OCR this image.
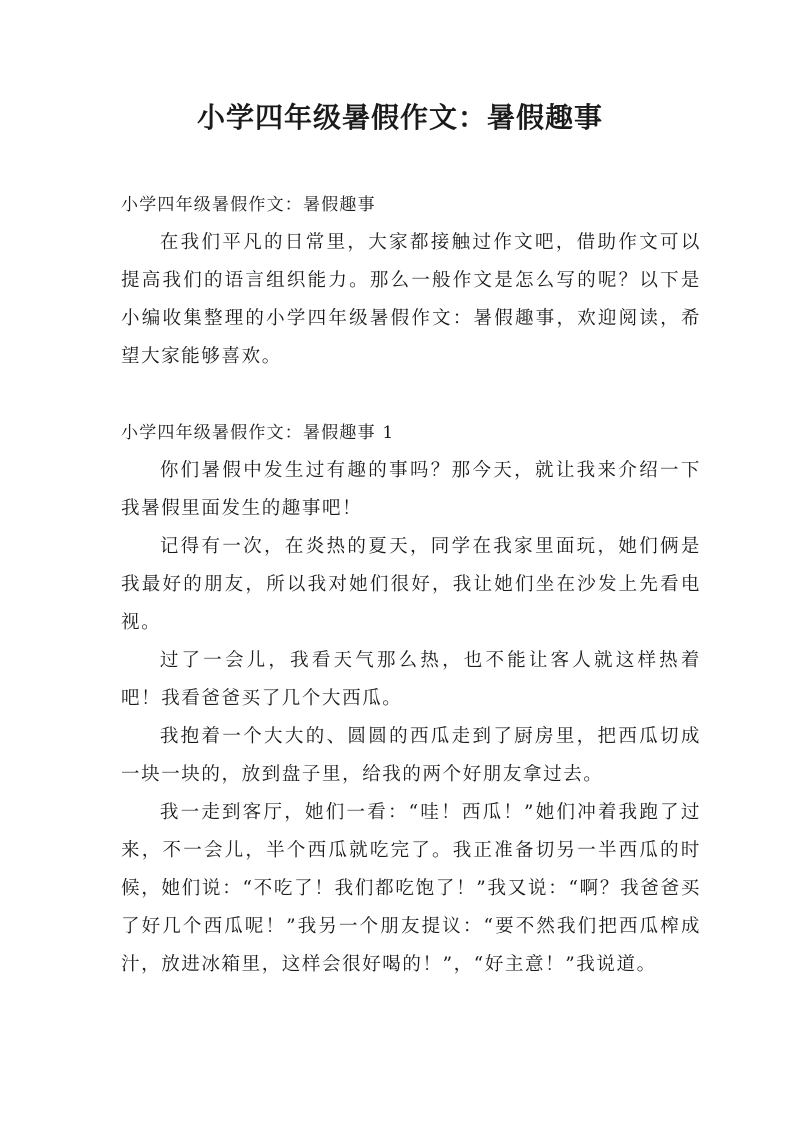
小学四年级暑假作文：暑假趣事

小学四年级暑假作文：暑假趣事

在我们平凡的日常里，大家都接触过作文吧，借助作文可以提高我们的语言组织能力。那么一般作文是怎么写的呢？以下是小编收集整理的小学四年级暑假作文：暑假趣事，欢迎阅读，希望大家能够喜欢。

小学四年级暑假作文：暑假趣事 1

你们暑假中发生过有趣的事吗？那今天，就让我来介绍一下我暑假里面发生的趣事吧！

记得有一次，在炎热的夏天，同学在我家里面玩，她们俩是我最好的朋友，所以我对她们很好，我让她们坐在沙发上先看电视。

过了一会儿，我看天气那么热，也不能让客人就这样热着吧！我看爸爸买了几个大西瓜。

我抱着一个大大的、圆圆的西瓜走到了厨房里，把西瓜切成一块一块的，放到盘子里，给我的两个好朋友拿过去。

我一走到客厅，她们一看：“哇！西瓜！”她们冲着我跑了过来，不一会儿，半个西瓜就吃完了。我正准备切另一半西瓜的时候，她们说：“不吃了！我们都吃饱了！”我又说：“啊？我爸爸买了好几个西瓜呢！”我另一个朋友提议：“要不然我们把西瓜榨成汁，放进冰箱里，这样会很好喝的！”，“好主意！”我说道。
